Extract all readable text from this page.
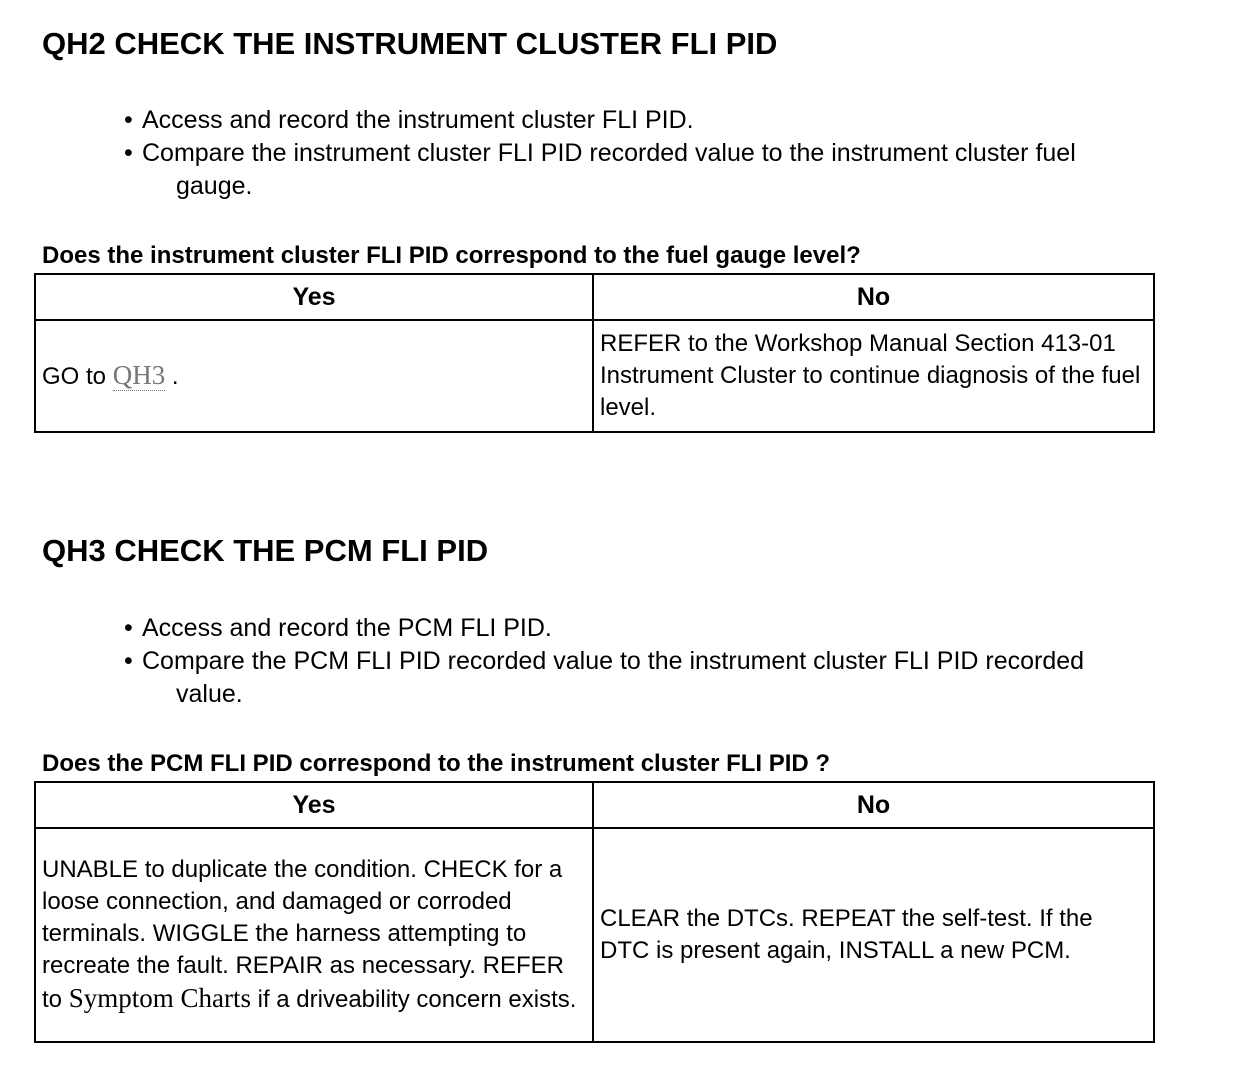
QH2 CHECK THE INSTRUMENT CLUSTER FLI PID
• Access and record the instrument cluster FLI PID.
• Compare the instrument cluster FLI PID recorded value to the instrument cluster fuel
gauge.

Does the instrument cluster FLI PID correspond to the fuel gauge level?

Yes	No
GO to QH3 .	REFER to the Workshop Manual Section 413-01 Instrument Cluster to continue diagnosis of the fuel level.
QH3 CHECK THE PCM FLI PID
• Access and record the PCM FLI PID.
• Compare the PCM FLI PID recorded value to the instrument cluster FLI PID recorded
value.

Does the PCM FLI PID correspond to the instrument cluster FLI PID ?

Yes	No
UNABLE to duplicate the condition. CHECK for a loose connection, and damaged or corroded terminals. WIGGLE the harness attempting to recreate the fault. REPAIR as necessary. REFER to Symptom Charts if a driveability concern exists.	CLEAR the DTCs. REPEAT the self-test. If the DTC is present again, INSTALL a new PCM.
